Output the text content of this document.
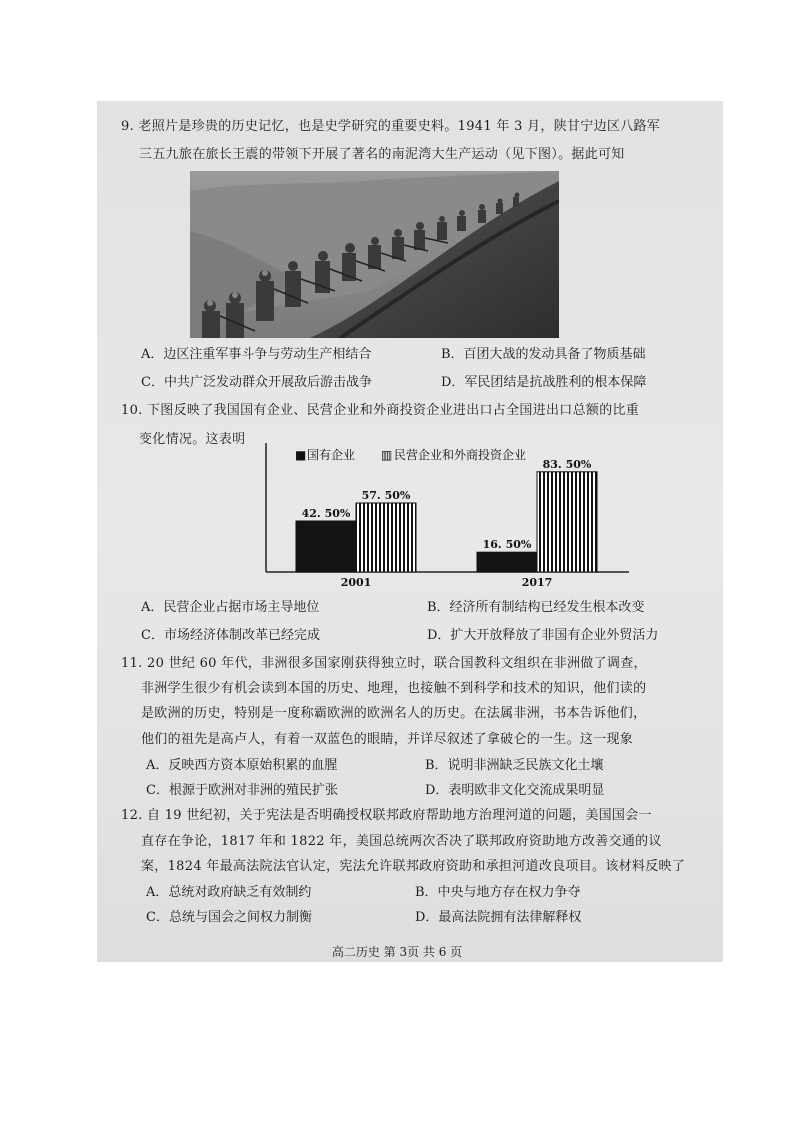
9. 老照片是珍贵的历史记忆，也是史学研究的重要史料。1941 年 3 月，陕甘宁边区八路军
三五九旅在旅长王震的带领下开展了著名的南泥湾大生产运动（见下图）。据此可知
A．边区注重军事斗争与劳动生产相结合	B．百团大战的发动具备了物质基础
C．中共广泛发动群众开展敌后游击战争	D．军民团结是抗战胜利的根本保障
10. 下图反映了我国国有企业、民营企业和外商投资企业进出口占全国进出口总额的比重
变化情况。这表明
■ 国有企业 ▥ 民营企业和外商投资企业
42. 50%
57. 50%
16. 50%
83. 50%
2001	2017
A．民营企业占据市场主导地位	B．经济所有制结构已经发生根本改变
C．市场经济体制改革已经完成	D．扩大开放释放了非国有企业外贸活力
11. 20 世纪 60 年代，非洲很多国家刚获得独立时，联合国教科文组织在非洲做了调查，
非洲学生很少有机会读到本国的历史、地理，也接触不到科学和技术的知识，他们读的
是欧洲的历史，特别是一度称霸欧洲的欧洲名人的历史。在法属非洲，书本告诉他们，
他们的祖先是高卢人，有着一双蓝色的眼睛，并详尽叙述了拿破仑的一生。这一现象
A．反映西方资本原始积累的血腥	B．说明非洲缺乏民族文化土壤
C．根源于欧洲对非洲的殖民扩张	D．表明欧非文化交流成果明显
12. 自 19 世纪初，关于宪法是否明确授权联邦政府帮助地方治理河道的问题，美国国会一
直存在争论，1817 年和 1822 年，美国总统两次否决了联邦政府资助地方改善交通的议
案，1824 年最高法院法官认定，宪法允许联邦政府资助和承担河道改良项目。该材料反映了
A．总统对政府缺乏有效制约	B．中央与地方存在权力争夺
C．总统与国会之间权力制衡	D．最高法院拥有法律解释权
高二历史 第 3页 共 6 页
